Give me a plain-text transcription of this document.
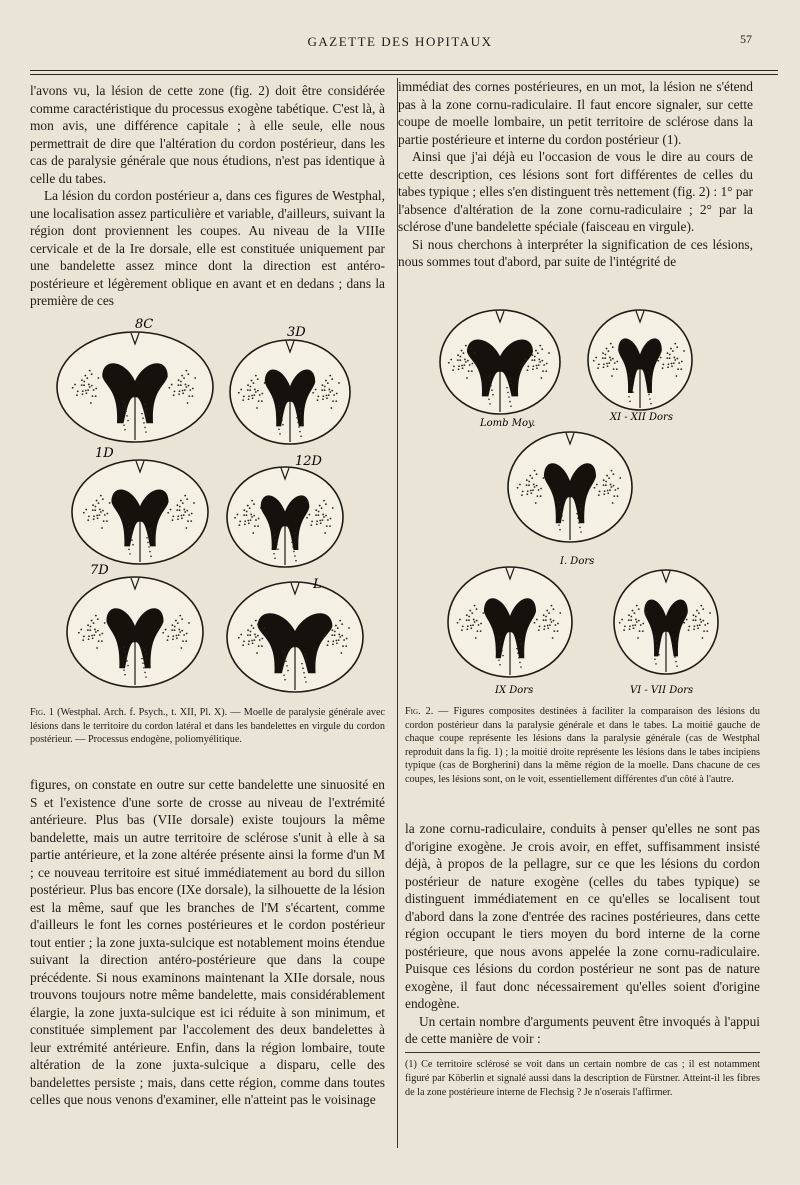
GAZETTE DES HOPITAUX	57

l'avons vu, la lésion de cette zone (fig. 2) doit être considérée comme caractéristique du processus exogène tabétique. C'est là, à mon avis, une différence capitale ; à elle seule, elle nous permettrait de dire que l'altération du cordon postérieur, dans les cas de paralysie générale que nous étudions, n'est pas identique à celle du tabes.

La lésion du cordon postérieur a, dans ces figures de Westphal, une localisation assez particulière et variable, d'ailleurs, suivant la région dont proviennent les coupes. Au niveau de la VIIIe cervicale et de la Ire dorsale, elle est constituée uniquement par une bandelette assez mince dont la direction est antéro-postérieure et légèrement oblique en avant et en dedans ; dans la première de ces

8C
3D
1D
12D
7D
L
Fig. 1 (Westphal. Arch. f. Psych., t. XII, Pl. X). — Moelle de paralysie générale avec lésions dans le territoire du cordon latéral et dans les bandelettes en virgule du cordon postérieur. — Processus endogène, poliomyélitique.

figures, on constate en outre sur cette bandelette une sinuosité en S et l'existence d'une sorte de crosse au niveau de l'extrémité antérieure. Plus bas (VIIe dorsale) existe toujours la même bandelette, mais un autre territoire de sclérose s'unit à elle à sa partie antérieure, et la zone altérée présente ainsi la forme d'un M ; ce nouveau territoire est situé immédiatement au bord du sillon postérieur. Plus bas encore (IXe dorsale), la silhouette de la lésion est la même, sauf que les branches de l'M s'écartent, comme d'ailleurs le font les cornes postérieures et le cordon postérieur tout entier ; la zone juxta-sulcique est notablement moins étendue suivant la direction antéro-postérieure que dans la coupe précédente. Si nous examinons maintenant la XIIe dorsale, nous trouvons toujours notre même bandelette, mais considérablement élargie, la zone juxta-sulcique est ici réduite à son minimum, et constituée simplement par l'accolement des deux bandelettes à leur extrémité antérieure. Enfin, dans la région lombaire, toute altération de la zone juxta-sulcique a disparu, celle des bandelettes persiste ; mais, dans cette région, comme dans toutes celles que nous venons d'examiner, elle n'atteint pas le voisinage

immédiat des cornes postérieures, en un mot, la lésion ne s'étend pas à la zone cornu-radiculaire. Il faut encore signaler, sur cette coupe de moelle lombaire, un petit territoire de sclérose dans la partie postérieure et interne du cordon postérieur (1).

Ainsi que j'ai déjà eu l'occasion de vous le dire au cours de cette description, ces lésions sont fort différentes de celles du tabes typique ; elles s'en distinguent très nettement (fig. 2) : 1° par l'absence d'altération de la zone cornu-radiculaire ; 2° par la sclérose d'une bandelette spéciale (faisceau en virgule).

Si nous cherchons à interpréter la signification de ces lésions, nous sommes tout d'abord, par suite de l'intégrité de

Lomb Moy.
XI - XII Dors
I. Dors
IX Dors	VI - VII Dors
Fig. 2. — Figures composites destinées à faciliter la comparaison des lésions du cordon postérieur dans la paralysie générale et dans le tabes. La moitié gauche de chaque coupe représente les lésions dans la paralysie générale (cas de Westphal reproduit dans la fig. 1) ; la moitié droite représente les lésions dans le tabes incipiens typique (cas de Borgherini) dans la même région de la moelle. Dans chacune de ces coupes, les lésions sont, on le voit, essentiellement différentes d'un côté à l'autre.

la zone cornu-radiculaire, conduits à penser qu'elles ne sont pas d'origine exogène. Je crois avoir, en effet, suffisamment insisté déjà, à propos de la pellagre, sur ce que les lésions du cordon postérieur de nature exogène (celles du tabes typique) se distinguent immédiatement en ce qu'elles se localisent tout d'abord dans la zone d'entrée des racines postérieures, dans cette région occupant le tiers moyen du bord interne de la corne postérieure, que nous avons appelée la zone cornu-radiculaire. Puisque ces lésions du cordon postérieur ne sont pas de nature exogène, il faut donc nécessairement qu'elles soient d'origine endogène.

Un certain nombre d'arguments peuvent être invoqués à l'appui de cette manière de voir :

(1) Ce territoire sclérosé se voit dans un certain nombre de cas ; il est notamment figuré par Köberlin et signalé aussi dans la description de Fürstner. Atteint-il les fibres de la zone postérieure interne de Flechsig ? Je n'oserais l'affirmer.
